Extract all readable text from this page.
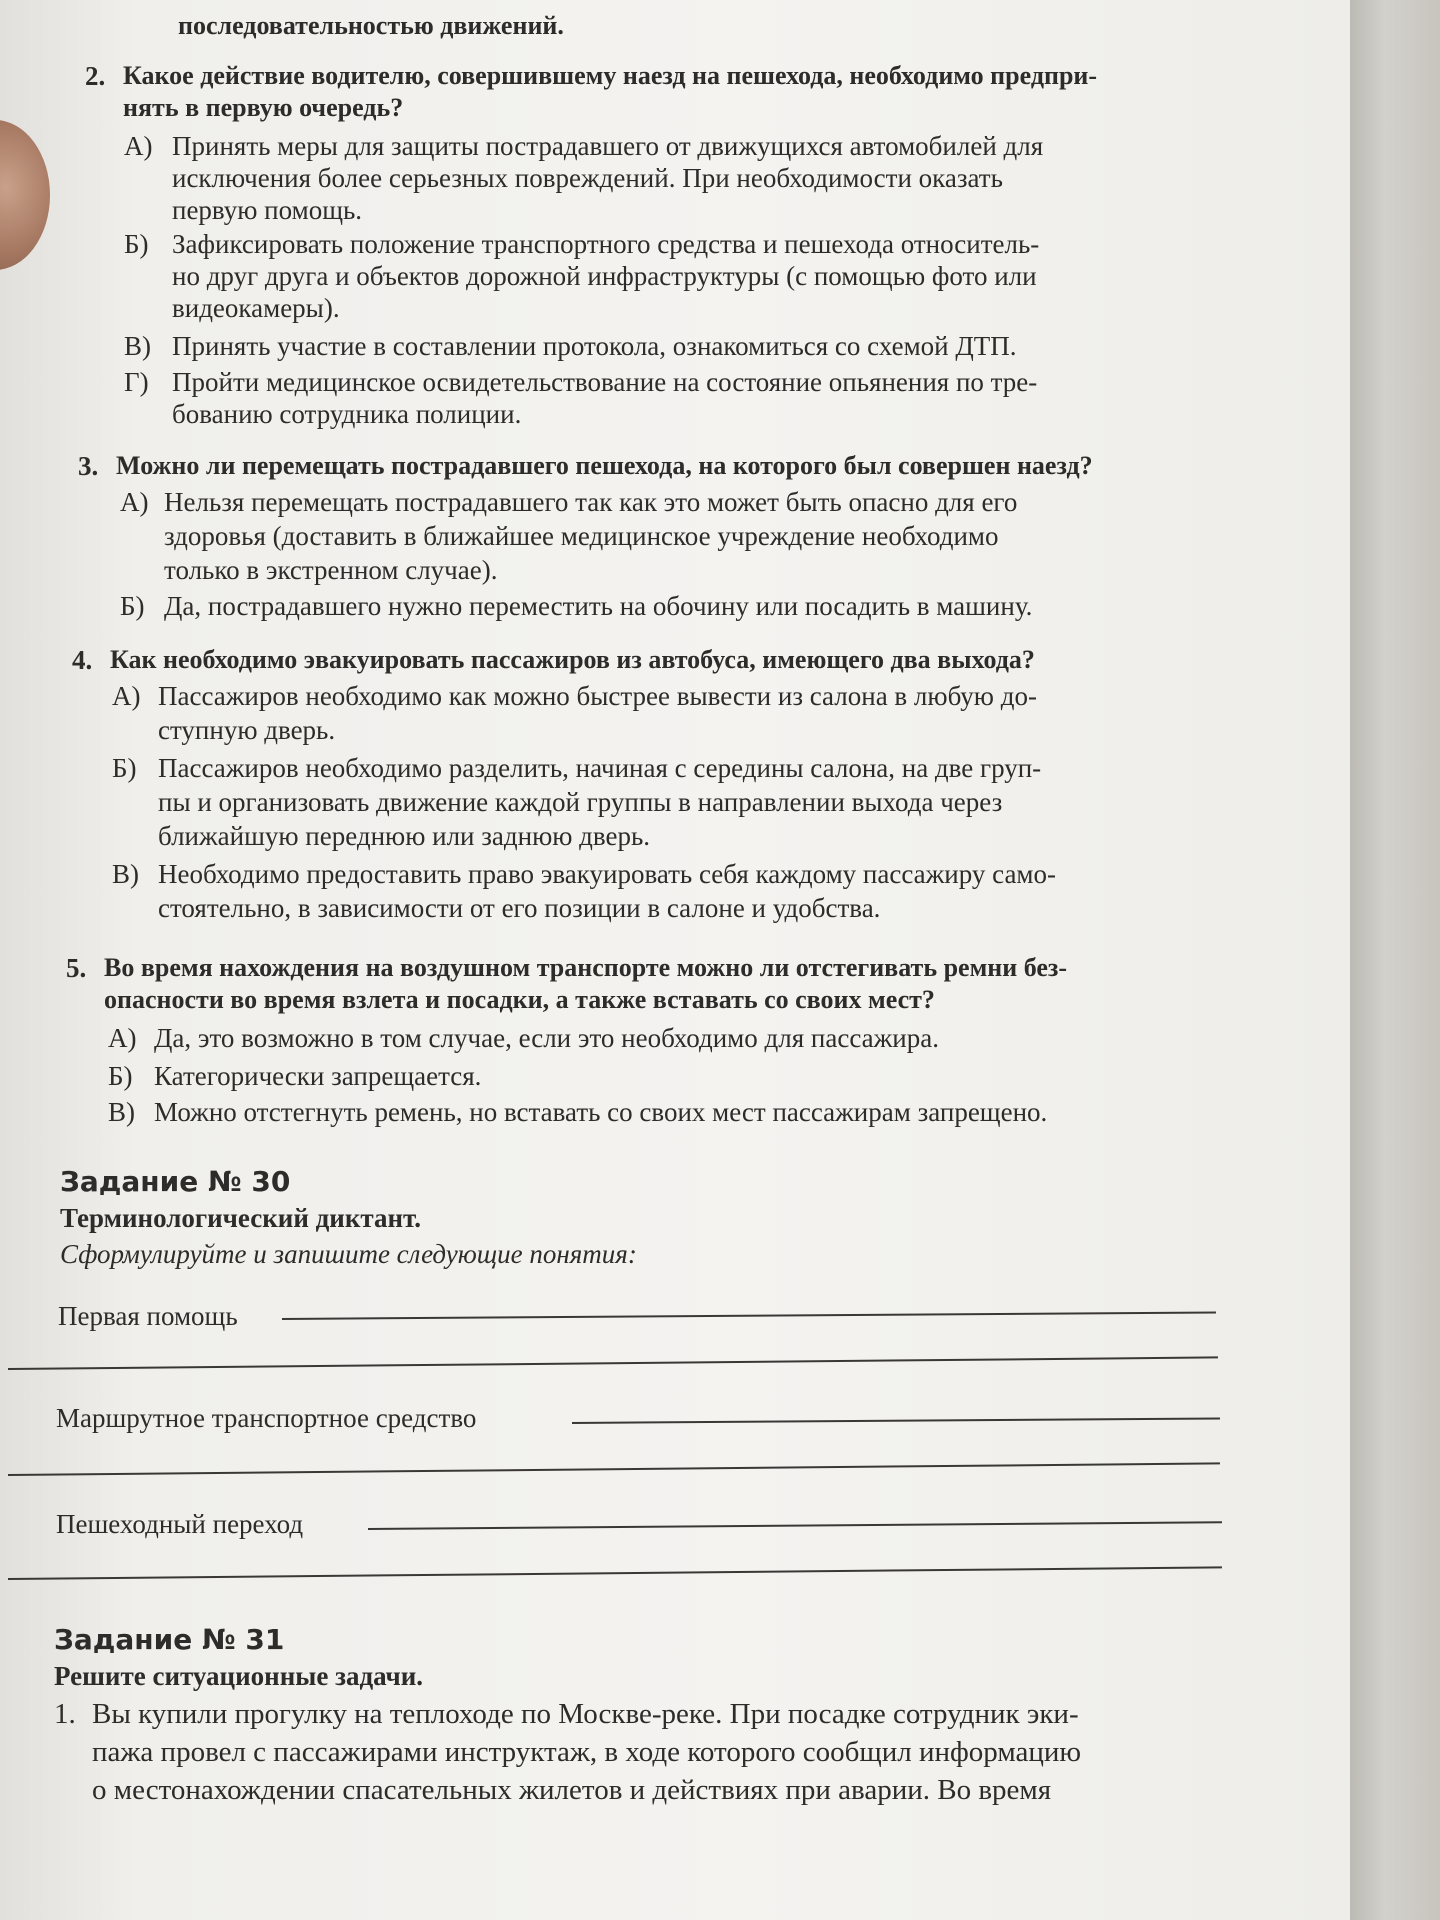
последовательностью движений.
2. Какое действие водителю, совершившему наезд на пешехода, необходимо предпри-
нять в первую очередь?
А) Принять меры для защиты пострадавшего от движущихся автомобилей для
исключения более серьезных повреждений. При необходимости оказать
первую помощь.
Б) Зафиксировать положение транспортного средства и пешехода относитель-
но друг друга и объектов дорожной инфраструктуры (с помощью фото или
видеокамеры).
В) Принять участие в составлении протокола, ознакомиться со схемой ДТП.
Г) Пройти медицинское освидетельствование на состояние опьянения по тре-
бованию сотрудника полиции.
3. Можно ли перемещать пострадавшего пешехода, на которого был совершен наезд?
А) Нельзя перемещать пострадавшего так как это может быть опасно для его
здоровья (доставить в ближайшее медицинское учреждение необходимо
только в экстренном случае).
Б) Да, пострадавшего нужно переместить на обочину или посадить в машину.
4. Как необходимо эвакуировать пассажиров из автобуса, имеющего два выхода?
А) Пассажиров необходимо как можно быстрее вывести из салона в любую до-
ступную дверь.
Б) Пассажиров необходимо разделить, начиная с середины салона, на две груп-
пы и организовать движение каждой группы в направлении выхода через
ближайшую переднюю или заднюю дверь.
В) Необходимо предоставить право эвакуировать себя каждому пассажиру само-
стоятельно, в зависимости от его позиции в салоне и удобства.
5. Во время нахождения на воздушном транспорте можно ли отстегивать ремни без-
опасности во время взлета и посадки, а также вставать со своих мест?
А) Да, это возможно в том случае, если это необходимо для пассажира.
Б) Категорически запрещается.
В) Можно отстегнуть ремень, но вставать со своих мест пассажирам запрещено.
Задание № 30
Терминологический диктант.
Сформулируйте и запишите следующие понятия:
Первая помощь
Маршрутное транспортное средство
Пешеходный переход
Задание № 31
Решите ситуационные задачи.
1. Вы купили прогулку на теплоходе по Москве-реке. При посадке сотрудник эки-
пажа провел с пассажирами инструктаж, в ходе которого сообщил информацию
о местонахождении спасательных жилетов и действиях при аварии. Во время
